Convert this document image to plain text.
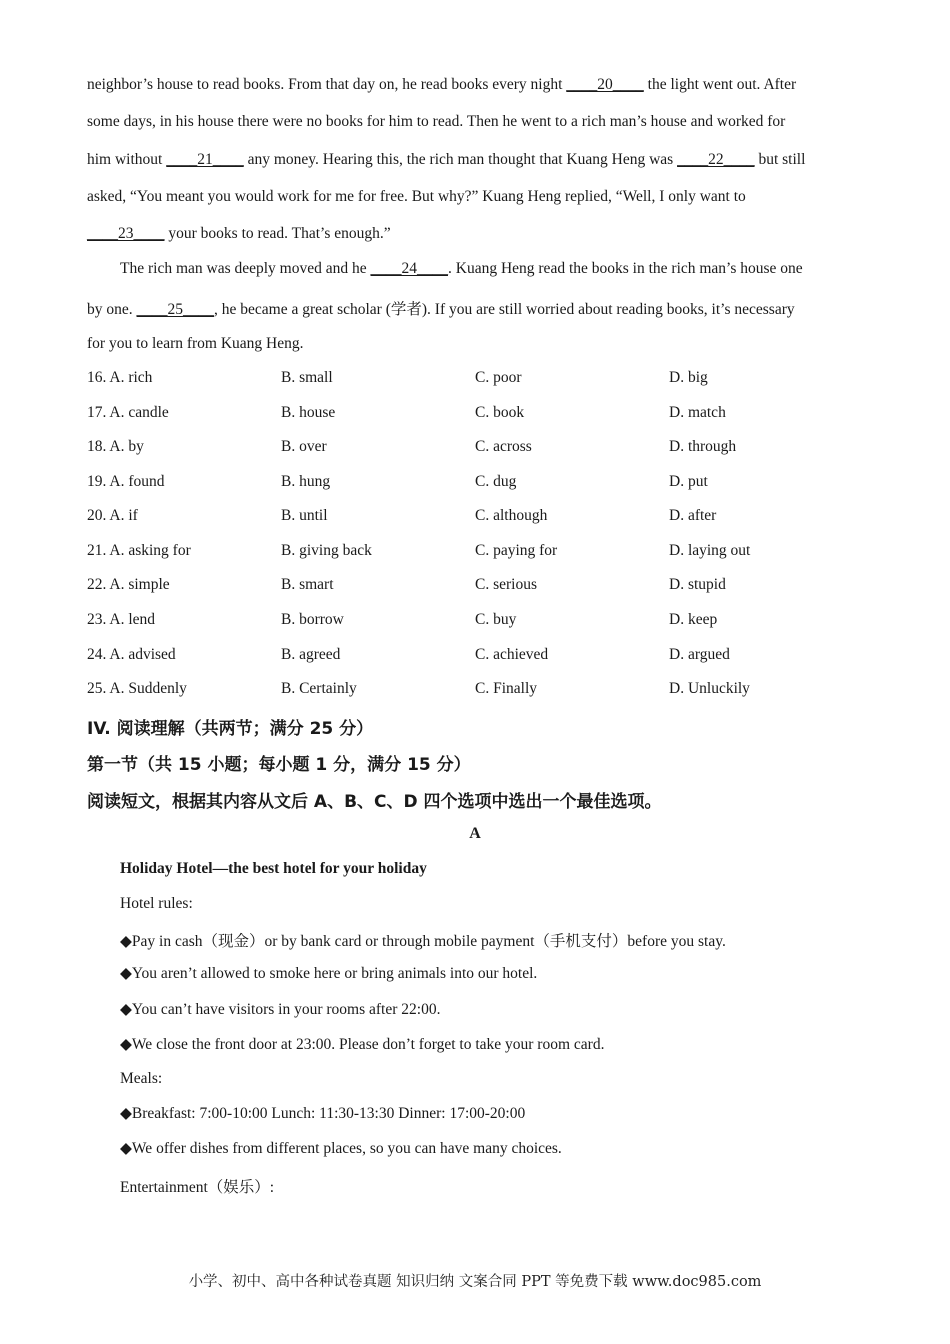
neighbor’s house to read books. From that day on, he read books every night ____20____ the light went out. After
some days, in his house there were no books for him to read. Then he went to a rich man’s house and worked for
him without ____21____ any money. Hearing this, the rich man thought that Kuang Heng was ____22____ but still
asked, “You meant you would work for me for free. But why?” Kuang Heng replied, “Well, I only want to
____23____ your books to read. That’s enough.”
The rich man was deeply moved and he ____24____. Kuang Heng read the books in the rich man’s house one
by one. ____25____, he became a great scholar (学者). If you are still worried about reading books, it’s necessary
for you to learn from Kuang Heng.
16. A. rich	B. small	C. poor	D. big
17. A. candle	B. house	C. book	D. match
18. A. by	B. over	C. across	D. through
19. A. found	B. hung	C. dug	D. put
20. A. if	B. until	C. although	D. after
21. A. asking for	B. giving back	C. paying for	D. laying out
22. A. simple	B. smart	C. serious	D. stupid
23. A. lend	B. borrow	C. buy	D. keep
24. A. advised	B. agreed	C. achieved	D. argued
25. A. Suddenly	B. Certainly	C. Finally	D. Unluckily
IV. 阅读理解（共两节；满分 25 分）
第一节（共 15 小题；每小题 1 分，满分 15 分）
阅读短文，根据其内容从文后 A、B、C、D 四个选项中选出一个最佳选项。
A
Holiday Hotel—the best hotel for your holiday
Hotel rules:
◆Pay in cash（现金）or by bank card or through mobile payment（手机支付）before you stay.
◆You aren’t allowed to smoke here or bring animals into our hotel.
◆You can’t have visitors in your rooms after 22:00.
◆We close the front door at 23:00. Please don’t forget to take your room card.
Meals:
◆Breakfast: 7:00-10:00 Lunch: 11:30-13:30 Dinner: 17:00-20:00
◆We offer dishes from different places, so you can have many choices.
Entertainment（娱乐）:
小学、初中、高中各种试卷真题 知识归纳 文案合同 PPT 等免费下载 www.doc985.com
